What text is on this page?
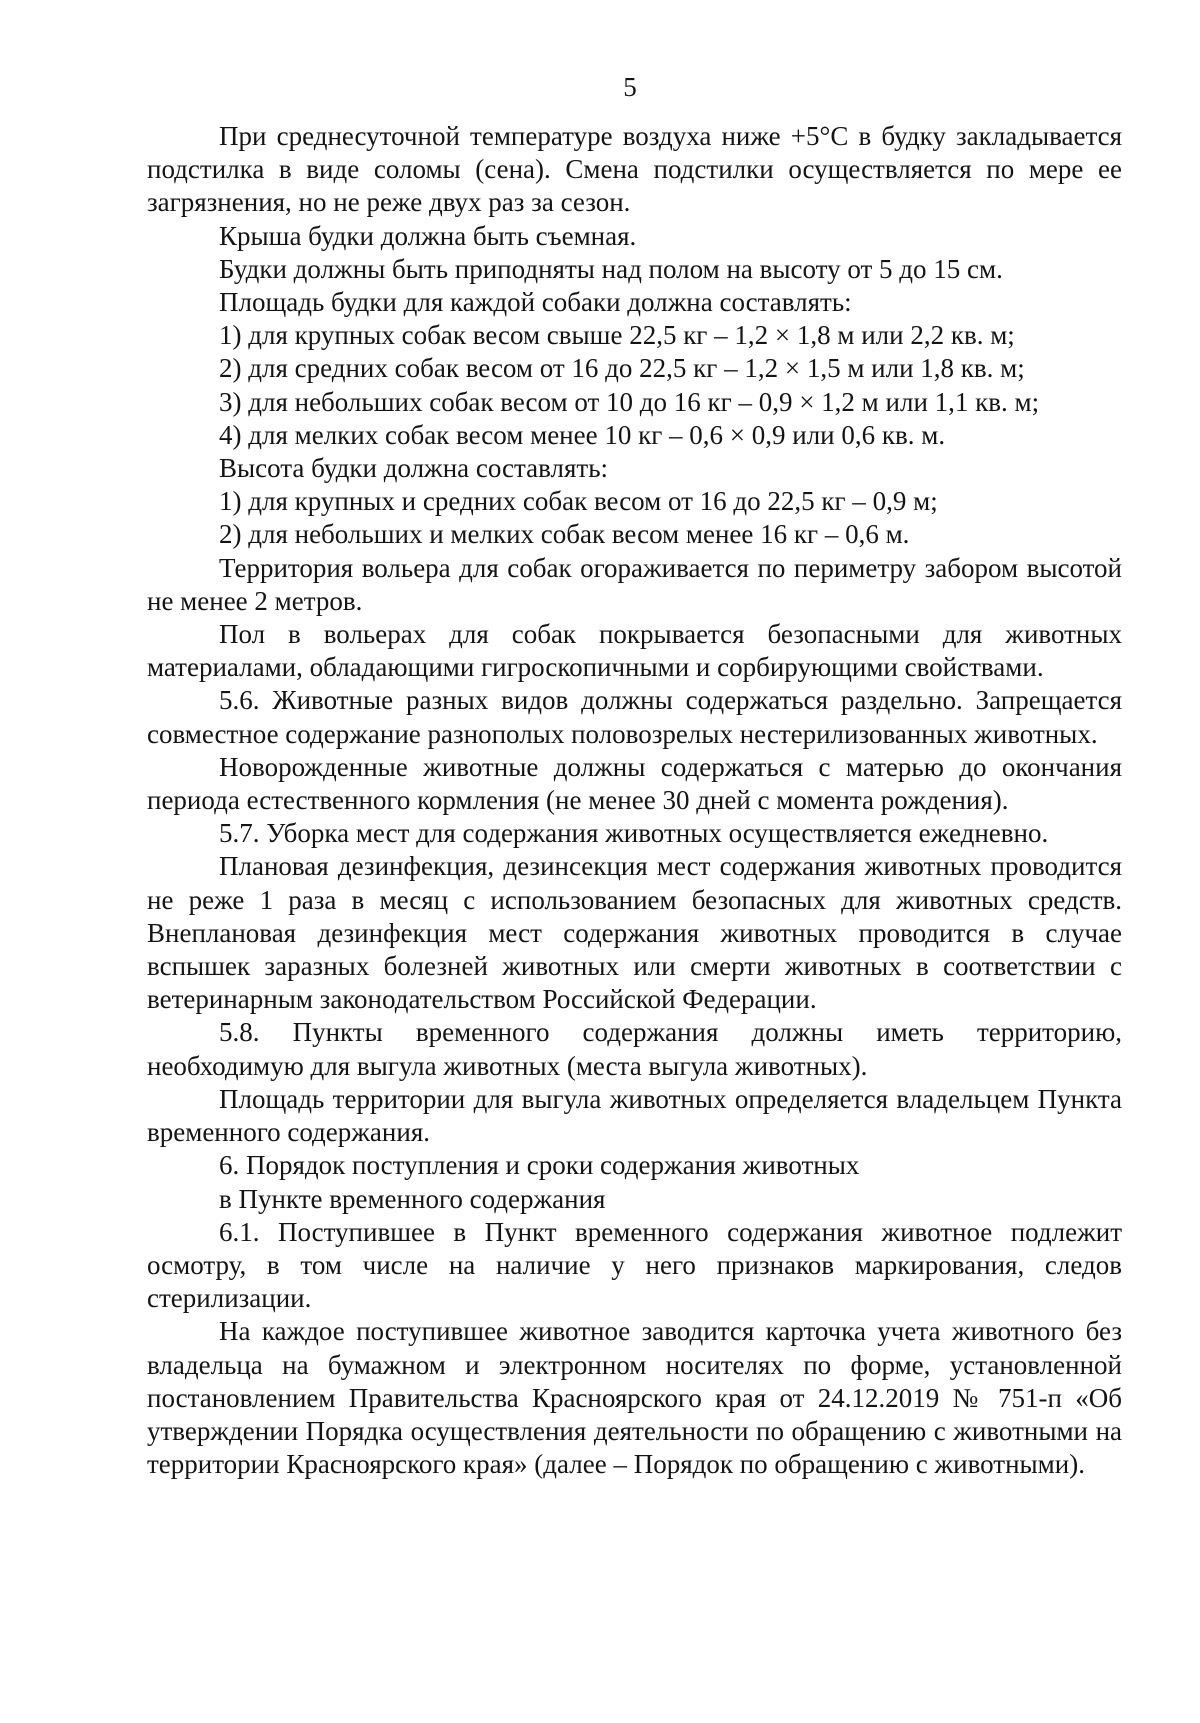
5

При среднесуточной температуре воздуха ниже +5°С в будку закладывается подстилка в виде соломы (сена). Смена подстилки осуществляется по мере ее загрязнения, но не реже двух раз за сезон.

Крыша будки должна быть съемная.

Будки должны быть приподняты над полом на высоту от 5 до 15 см.

Площадь будки для каждой собаки должна составлять:

1) для крупных собак весом свыше 22,5 кг – 1,2 × 1,8 м или 2,2 кв. м;

2) для средних собак весом от 16 до 22,5 кг – 1,2 × 1,5 м или 1,8 кв. м;

3) для небольших собак весом от 10 до 16 кг – 0,9 × 1,2 м или 1,1 кв. м;

4) для мелких собак весом менее 10 кг – 0,6 × 0,9 или 0,6 кв. м.

Высота будки должна составлять:

1) для крупных и средних собак весом от 16 до 22,5 кг – 0,9 м;

2) для небольших и мелких собак весом менее 16 кг – 0,6 м.

Территория вольера для собак огораживается по периметру забором высотой не менее 2 метров.

Пол в вольерах для собак покрывается безопасными для животных материалами, обладающими гигроскопичными и сорбирующими свойствами.

5.6. Животные разных видов должны содержаться раздельно. Запрещается совместное содержание разнополых половозрелых нестерилизованных животных.

Новорожденные животные должны содержаться с матерью до окончания периода естественного кормления (не менее 30 дней с момента рождения).

5.7. Уборка мест для содержания животных осуществляется ежедневно.

Плановая дезинфекция, дезинсекция мест содержания животных проводится не реже 1 раза в месяц с использованием безопасных для животных средств. Внеплановая дезинфекция мест содержания животных проводится в случае вспышек заразных болезней животных или смерти животных в соответствии с ветеринарным законодательством Российской Федерации.

5.8. Пункты временного содержания должны иметь территорию, необходимую для выгула животных (места выгула животных).

Площадь территории для выгула животных определяется владельцем Пункта временного содержания.

6. Порядок поступления и сроки содержания животных
в Пункте временного содержания

6.1. Поступившее в Пункт временного содержания животное подлежит осмотру, в том числе на наличие у него признаков маркирования, следов стерилизации.

На каждое поступившее животное заводится карточка учета животного без владельца на бумажном и электронном носителях по форме, установленной постановлением Правительства Красноярского края от 24.12.2019 № 751-п «Об утверждении Порядка осуществления деятельности по обращению с животными на территории Красноярского края» (далее – Порядок по обращению с животными).
